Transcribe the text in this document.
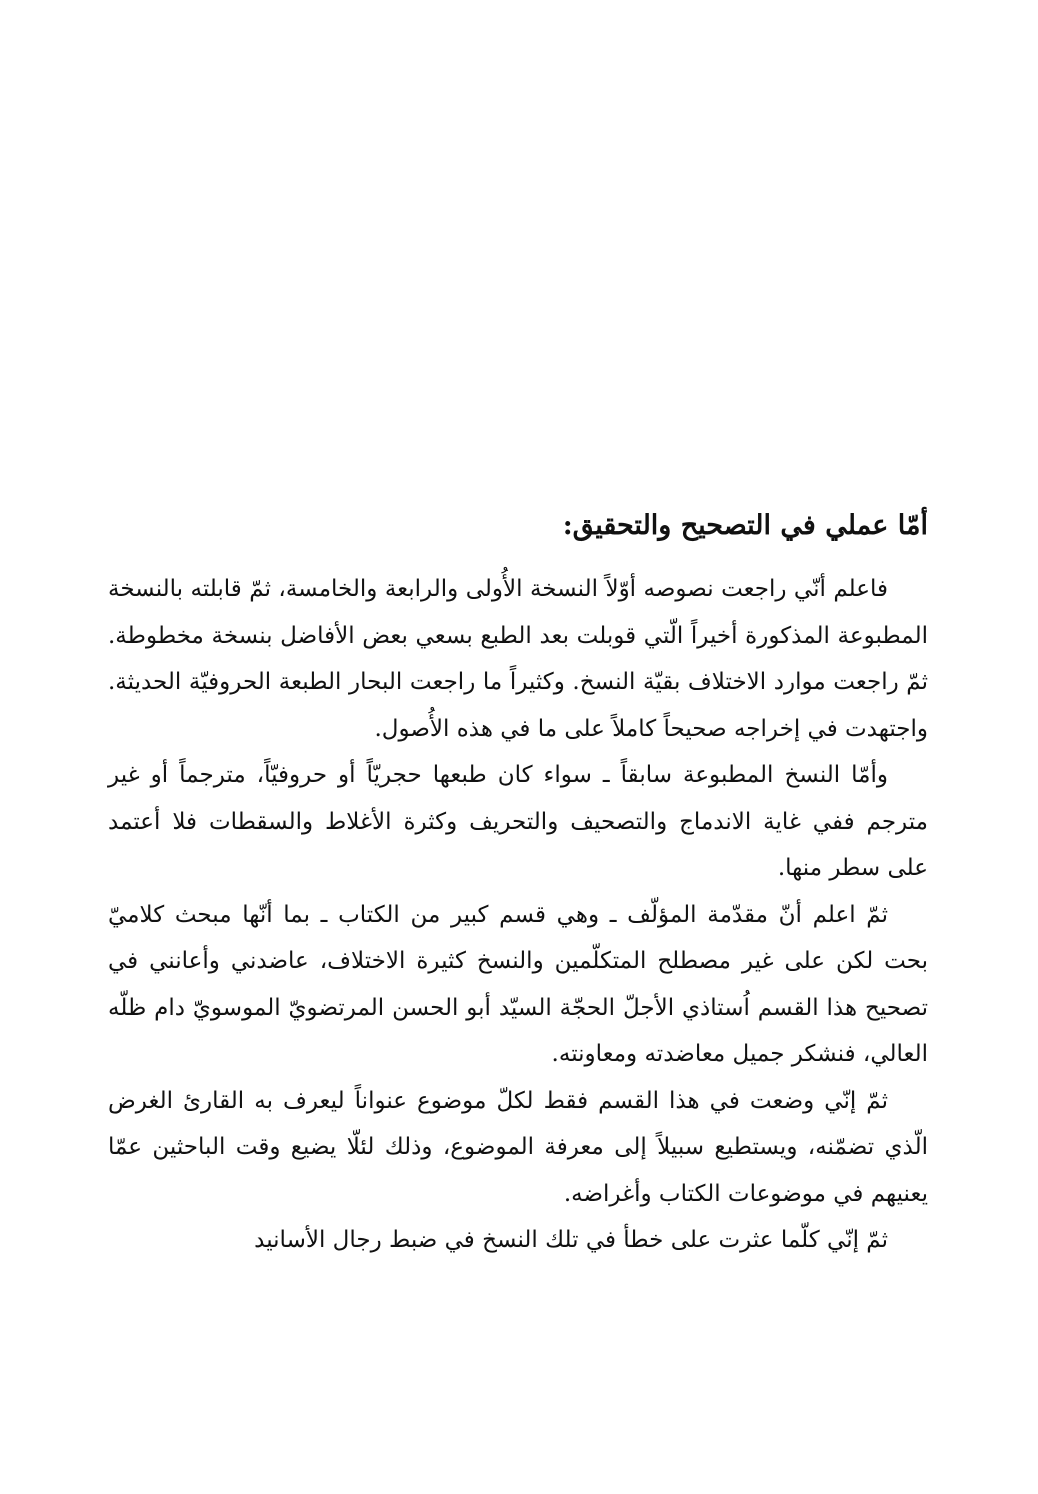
أمّا عملي في التصحيح والتحقيق:

فاعلم أنّي راجعت نصوصه أوّلاً النسخة الأُولى والرابعة والخامسة، ثمّ قابلته بالنسخة المطبوعة المذكورة أخيراً الّتي قوبلت بعد الطبع بسعي بعض الأفاضل بنسخة مخطوطة. ثمّ راجعت موارد الاختلاف بقيّة النسخ. وكثيراً ما راجعت البحار الطبعة الحروفيّة الحديثة. واجتهدت في إخراجه صحيحاً كاملاً على ما في هذه الأُصول.

وأمّا النسخ المطبوعة سابقاً ـ سواء كان طبعها حجريّاً أو حروفيّاً، مترجماً أو غير مترجم ففي غاية الاندماج والتصحيف والتحريف وكثرة الأغلاط والسقطات فلا أعتمد على سطر منها.

ثمّ اعلم أنّ مقدّمة المؤلّف ـ وهي قسم كبير من الكتاب ـ بما أنّها مبحث كلاميّ بحت لكن على غير مصطلح المتكلّمين والنسخ كثيرة الاختلاف، عاضدني وأعانني في تصحيح هذا القسم اُستاذي الأجلّ الحجّة السيّد أبو الحسن المرتضويّ الموسويّ دام ظلّه العالي، فنشكر جميل معاضدته ومعاونته.

ثمّ إنّي وضعت في هذا القسم فقط لكلّ موضوع عنواناً ليعرف به القارئ الغرض الّذي تضمّنه، ويستطيع سبيلاً إلى معرفة الموضوع، وذلك لئلّا يضيع وقت الباحثين عمّا يعنيهم في موضوعات الكتاب وأغراضه.

ثمّ إنّي كلّما عثرت على خطأ في تلك النسخ في ضبط رجال الأسانيد
